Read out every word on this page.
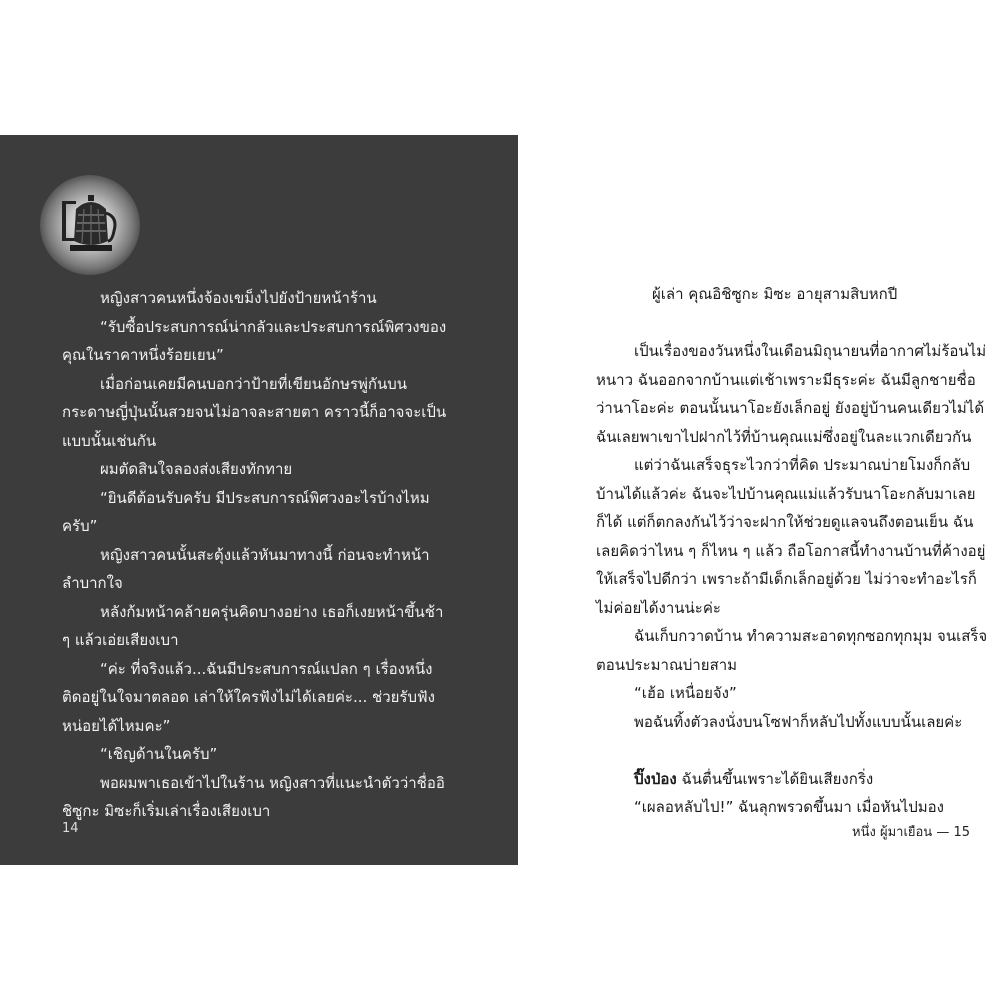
หญิงสาวคนหนึ่งจ้องเขม็งไปยังป้ายหน้าร้าน

“รับซื้อประสบการณ์น่ากลัวและประสบการณ์พิศวงของคุณในราคาหนึ่งร้อยเยน”

เมื่อก่อนเคยมีคนบอกว่าป้ายที่เขียนอักษรพู่กันบนกระดาษญี่ปุ่นนั้นสวยจนไม่อาจละสายตา คราวนี้ก็อาจจะเป็นแบบนั้นเช่นกัน

ผมตัดสินใจลองส่งเสียงทักทาย

“ยินดีต้อนรับครับ มีประสบการณ์พิศวงอะไรบ้างไหมครับ”

หญิงสาวคนนั้นสะดุ้งแล้วหันมาทางนี้ ก่อนจะทำหน้าลำบากใจ

หลังก้มหน้าคล้ายครุ่นคิดบางอย่าง เธอก็เงยหน้าขึ้นช้า ๆ แล้วเอ่ยเสียงเบา

“ค่ะ ที่จริงแล้ว...ฉันมีประสบการณ์แปลก ๆ เรื่องหนึ่งติดอยู่ในใจมาตลอด เล่าให้ใครฟังไม่ได้เลยค่ะ... ช่วยรับฟังหน่อยได้ไหมคะ”

“เชิญด้านในครับ”

พอผมพาเธอเข้าไปในร้าน หญิงสาวที่แนะนำตัวว่าชื่ออิชิซูกะ มิซะก็เริ่มเล่าเรื่องเสียงเบา

14

ผู้เล่า คุณอิชิซูกะ มิซะ อายุสามสิบหกปี

เป็นเรื่องของวันหนึ่งในเดือนมิถุนายนที่อากาศไม่ร้อนไม่หนาว ฉันออกจากบ้านแต่เช้าเพราะมีธุระค่ะ ฉันมีลูกชายชื่อว่านาโอะค่ะ ตอนนั้นนาโอะยังเล็กอยู่ ยังอยู่บ้านคนเดียวไม่ได้ ฉันเลยพาเขาไปฝากไว้ที่บ้านคุณแม่ซึ่งอยู่ในละแวกเดียวกัน

แต่ว่าฉันเสร็จธุระไวกว่าที่คิด ประมาณบ่ายโมงก็กลับบ้านได้แล้วค่ะ ฉันจะไปบ้านคุณแม่แล้วรับนาโอะกลับมาเลยก็ได้ แต่ก็ตกลงกันไว้ว่าจะฝากให้ช่วยดูแลจนถึงตอนเย็น ฉันเลยคิดว่าไหน ๆ ก็ไหน ๆ แล้ว ถือโอกาสนี้ทำงานบ้านที่ค้างอยู่ให้เสร็จไปดีกว่า เพราะถ้ามีเด็กเล็กอยู่ด้วย ไม่ว่าจะทำอะไรก็ไม่ค่อยได้งานน่ะค่ะ

ฉันเก็บกวาดบ้าน ทำความสะอาดทุกซอกทุกมุม จนเสร็จตอนประมาณบ่ายสาม

“เฮ้อ เหนื่อยจัง”

พอฉันทิ้งตัวลงนั่งบนโซฟาก็หลับไปทั้งแบบนั้นเลยค่ะ

ปิ๊งป่อง ฉันตื่นขึ้นเพราะได้ยินเสียงกริ่ง

“เผลอหลับไป!” ฉันลุกพรวดขึ้นมา เมื่อหันไปมอง

หนึ่ง ผู้มาเยือน — 15
